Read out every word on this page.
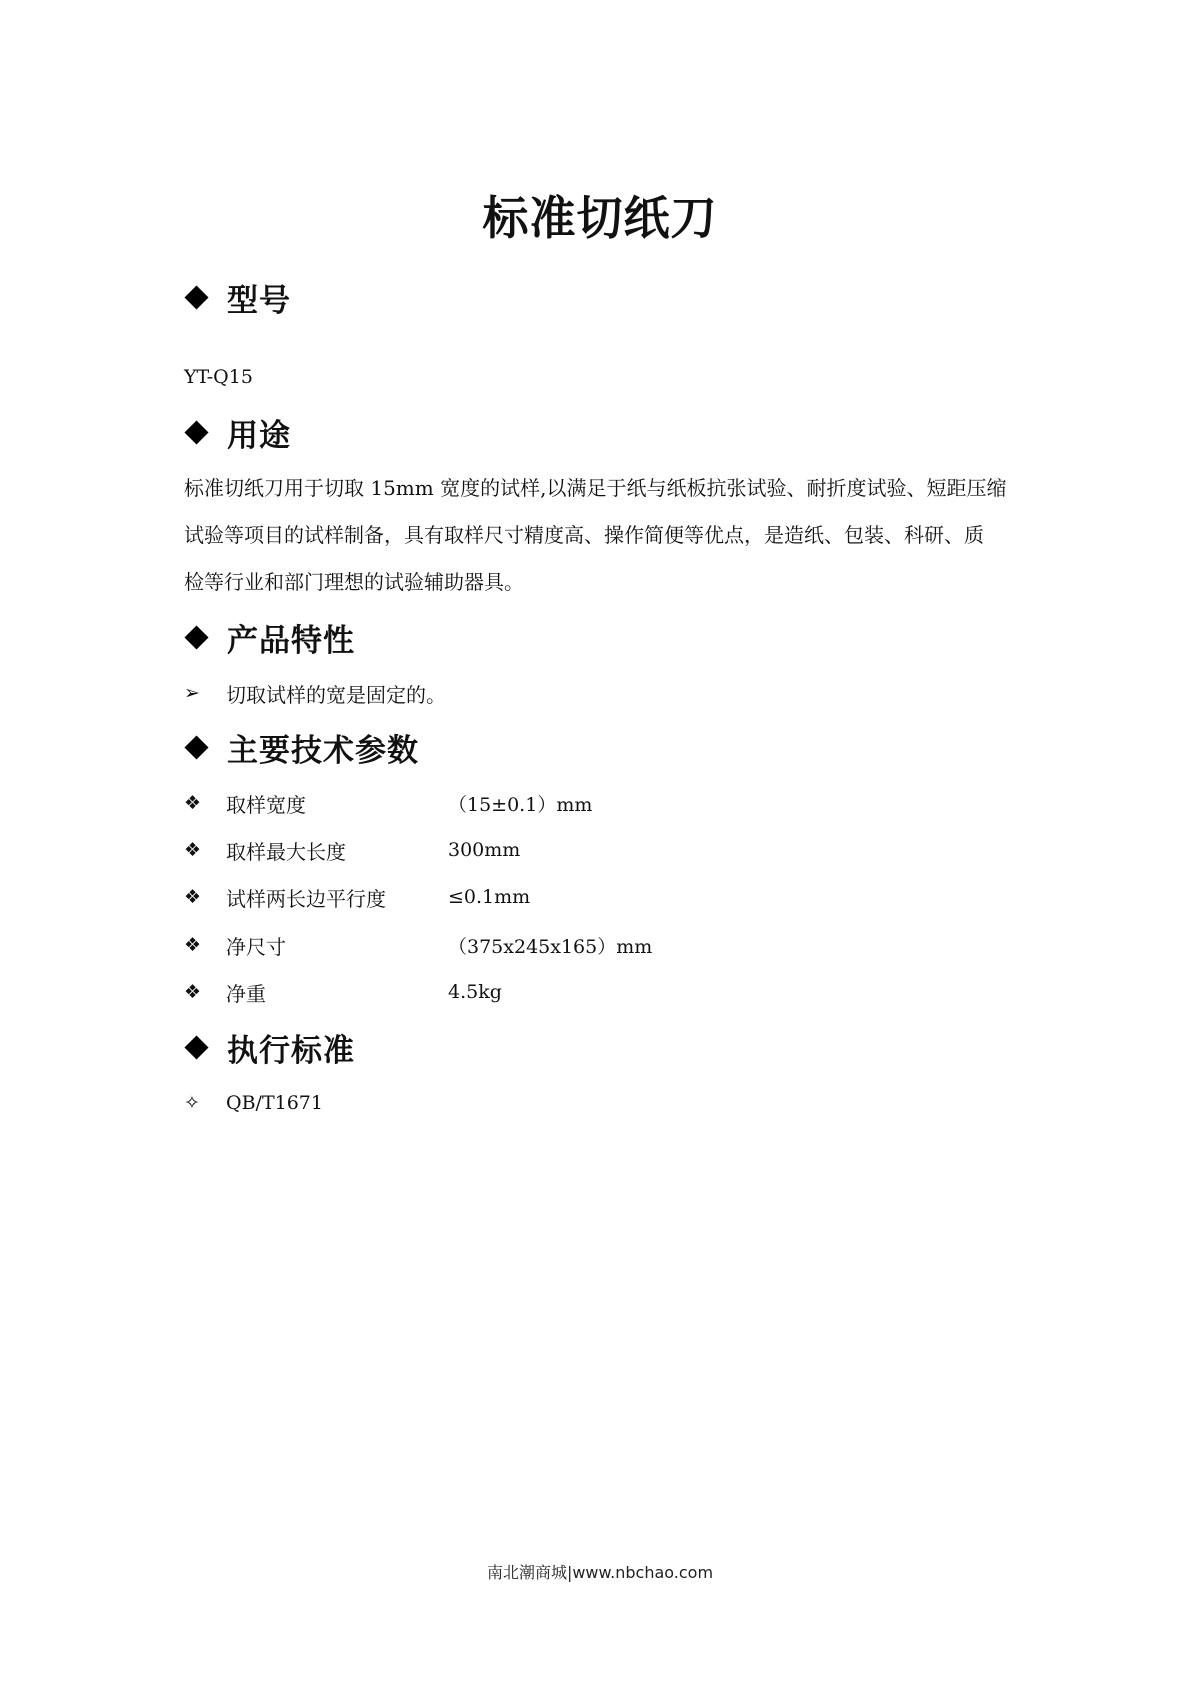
标准切纸刀
型号
YT-Q15
用途
标准切纸刀用于切取 15mm 宽度的试样,以满足于纸与纸板抗张试验、耐折度试验、短距压缩
试验等项目的试样制备，具有取样尺寸精度高、操作简便等优点，是造纸、包装、科研、质
检等行业和部门理想的试验辅助器具。
产品特性
➢	切取试样的宽是固定的。
主要技术参数
❖	取样宽度	（15±0.1）mm
❖	取样最大长度	300mm
❖	试样两长边平行度	≤0.1mm
❖	净尺寸	（375x245x165）mm
❖	净重	4.5kg
执行标准
✧	QB/T1671
南北潮商城|www.nbchao.com
